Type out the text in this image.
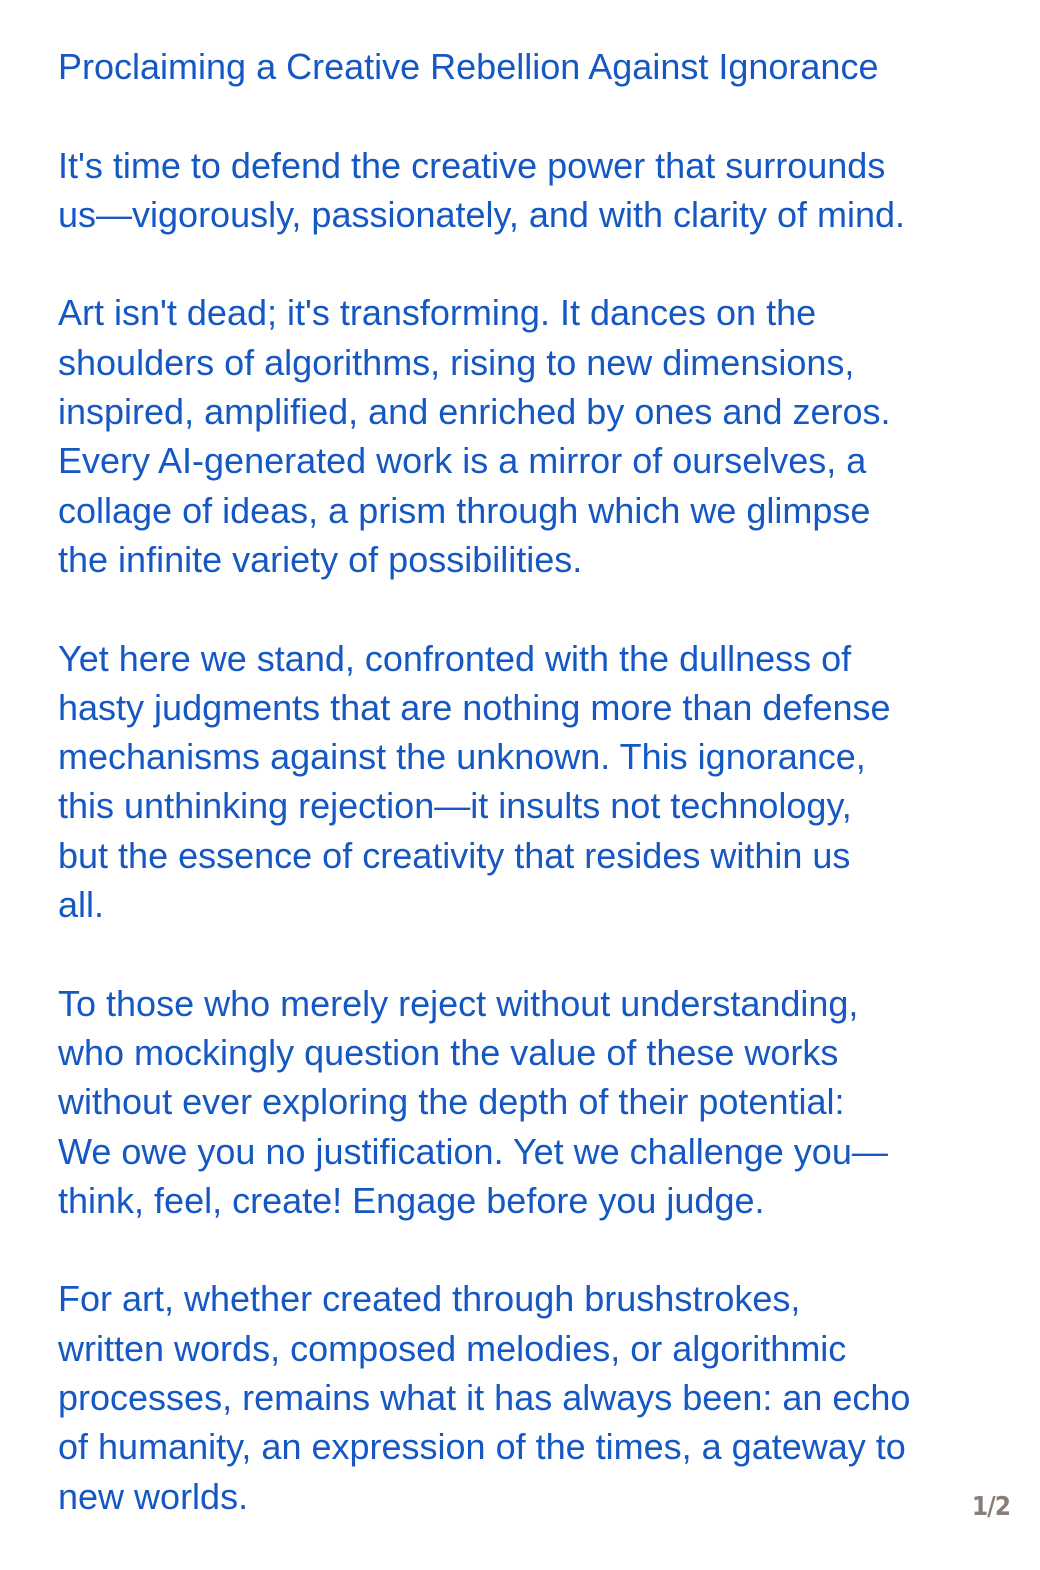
Proclaiming a Creative Rebellion Against Ignorance

It's time to defend the creative power that surrounds
us—vigorously, passionately, and with clarity of mind.

Art isn't dead; it's transforming. It dances on the
shoulders of algorithms, rising to new dimensions,
inspired, amplified, and enriched by ones and zeros.
Every AI-generated work is a mirror of ourselves, a
collage of ideas, a prism through which we glimpse
the infinite variety of possibilities.

Yet here we stand, confronted with the dullness of
hasty judgments that are nothing more than defense
mechanisms against the unknown. This ignorance,
this unthinking rejection—it insults not technology,
but the essence of creativity that resides within us
all.

To those who merely reject without understanding,
who mockingly question the value of these works
without ever exploring the depth of their potential:
We owe you no justification. Yet we challenge you—
think, feel, create! Engage before you judge.

For art, whether created through brushstrokes,
written words, composed melodies, or algorithmic
processes, remains what it has always been: an echo
of humanity, an expression of the times, a gateway to
new worlds.	1/2
